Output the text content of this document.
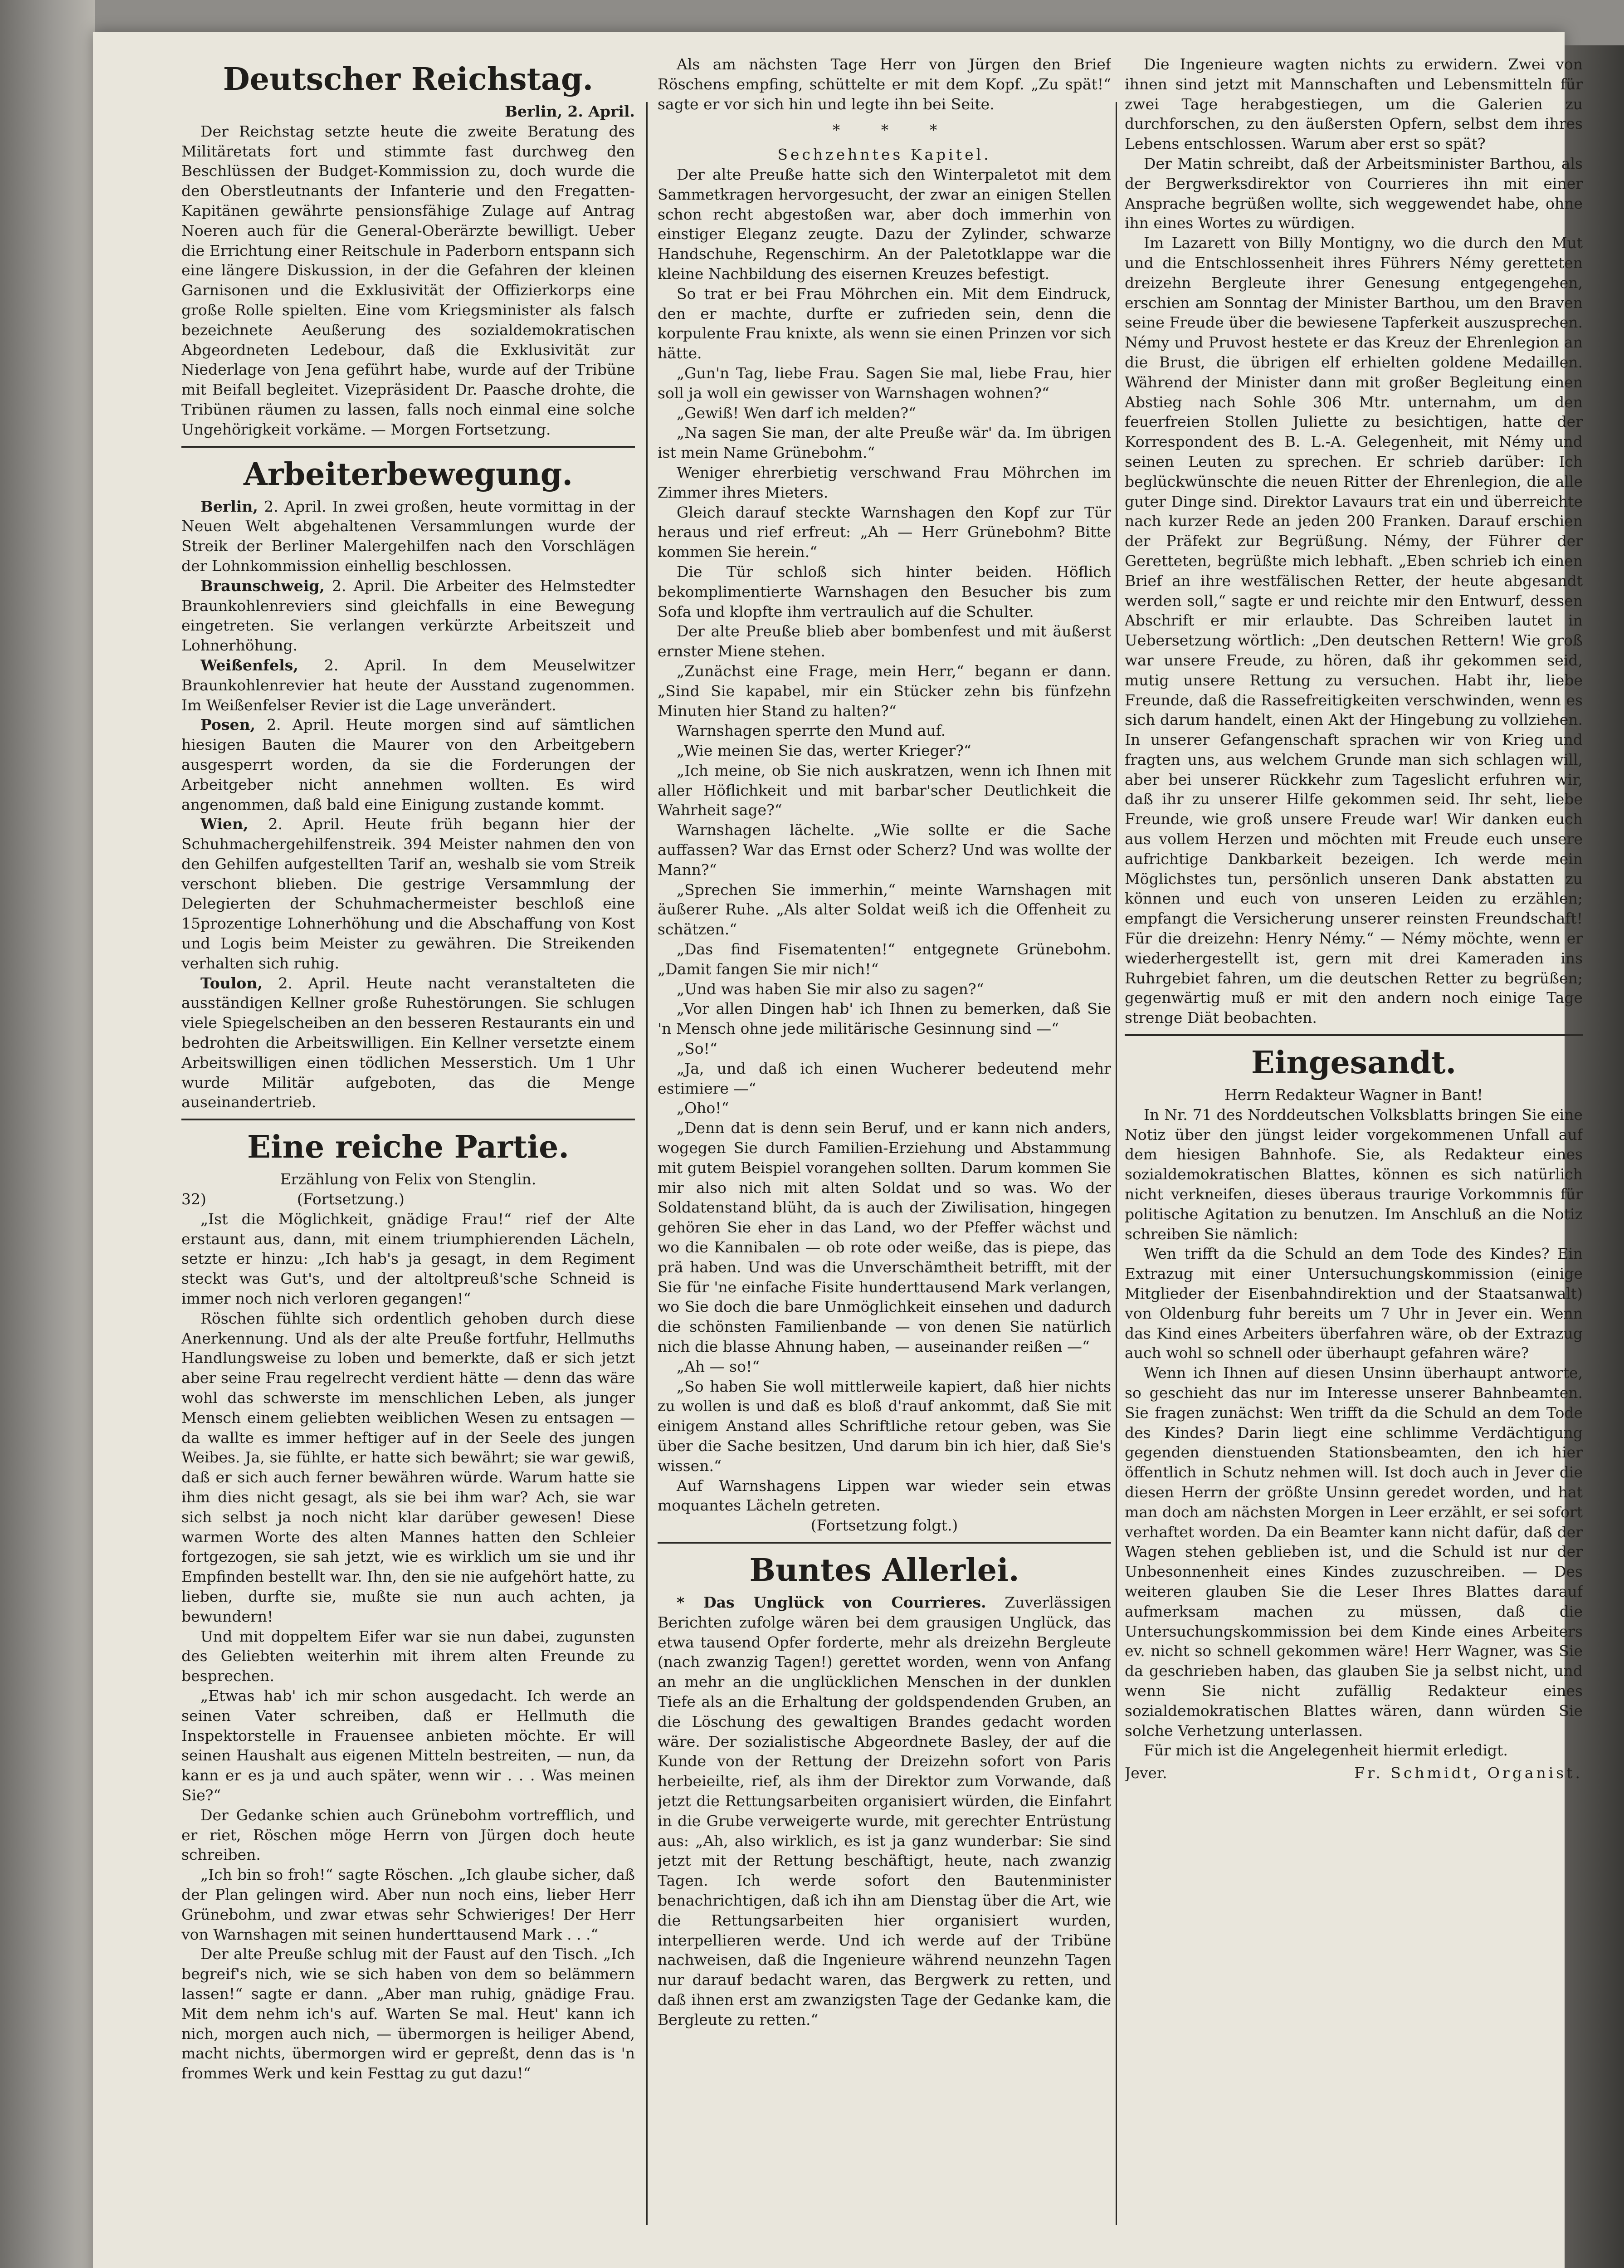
Deutscher Reichstag.

Berlin, 2. April.

Der Reichstag setzte heute die zweite Beratung des Militäretats fort und stimmte fast durchweg den Beschlüssen der Budget-Kommission zu, doch wurde die den Oberstleutnants der Infanterie und den Fregatten-Kapitänen gewährte pensionsfähige Zulage auf Antrag Noeren auch für die General-Oberärzte bewilligt. Ueber die Errichtung einer Reitschule in Paderborn entspann sich eine längere Diskussion, in der die Gefahren der kleinen Garnisonen und die Exklusivität der Offizierkorps eine große Rolle spielten. Eine vom Kriegsminister als falsch bezeichnete Aeußerung des sozialdemokratischen Abgeordneten Ledebour, daß die Exklusivität zur Niederlage von Jena geführt habe, wurde auf der Tribüne mit Beifall begleitet. Vizepräsident Dr. Paasche drohte, die Tribünen räumen zu lassen, falls noch einmal eine solche Ungehörigkeit vorkäme. — Morgen Fortsetzung.

Arbeiterbewegung.

Berlin, 2. April. In zwei großen, heute vormittag in der Neuen Welt abgehaltenen Versammlungen wurde der Streik der Berliner Malergehilfen nach den Vorschlägen der Lohnkommission einhellig beschlossen.

Braunschweig, 2. April. Die Arbeiter des Helmstedter Braunkohlenreviers sind gleichfalls in eine Bewegung eingetreten. Sie verlangen verkürzte Arbeitszeit und Lohnerhöhung.

Weißenfels, 2. April. In dem Meuselwitzer Braunkohlenrevier hat heute der Ausstand zugenommen. Im Weißenfelser Revier ist die Lage unverändert.

Posen, 2. April. Heute morgen sind auf sämtlichen hiesigen Bauten die Maurer von den Arbeitgebern ausgesperrt worden, da sie die Forderungen der Arbeitgeber nicht annehmen wollten. Es wird angenommen, daß bald eine Einigung zustande kommt.

Wien, 2. April. Heute früh begann hier der Schuhmachergehilfenstreik. 394 Meister nahmen den von den Gehilfen aufgestellten Tarif an, weshalb sie vom Streik verschont blieben. Die gestrige Versammlung der Delegierten der Schuhmachermeister beschloß eine 15prozentige Lohnerhöhung und die Abschaffung von Kost und Logis beim Meister zu gewähren. Die Streikenden verhalten sich ruhig.

Toulon, 2. April. Heute nacht veranstalteten die ausständigen Kellner große Ruhestörungen. Sie schlugen viele Spiegelscheiben an den besseren Restaurants ein und bedrohten die Arbeitswilligen. Ein Kellner versetzte einem Arbeitswilligen einen tödlichen Messerstich. Um 1 Uhr wurde Militär aufgeboten, das die Menge auseinandertrieb.

Eine reiche Partie.

Erzählung von Felix von Stenglin.

32)	(Fortsetzung.)

„Ist die Möglichkeit, gnädige Frau!“ rief der Alte erstaunt aus, dann, mit einem triumphierenden Lächeln, setzte er hinzu: „Ich hab's ja gesagt, in dem Regiment steckt was Gut's, und der altoltpreuß'sche Schneid is immer noch nich verloren gegangen!“

Röschen fühlte sich ordentlich gehoben durch diese Anerkennung. Und als der alte Preuße fortfuhr, Hellmuths Handlungsweise zu loben und bemerkte, daß er sich jetzt aber seine Frau regelrecht verdient hätte — denn das wäre wohl das schwerste im menschlichen Leben, als junger Mensch einem geliebten weiblichen Wesen zu entsagen — da wallte es immer heftiger auf in der Seele des jungen Weibes. Ja, sie fühlte, er hatte sich bewährt; sie war gewiß, daß er sich auch ferner bewähren würde. Warum hatte sie ihm dies nicht gesagt, als sie bei ihm war? Ach, sie war sich selbst ja noch nicht klar darüber gewesen! Diese warmen Worte des alten Mannes hatten den Schleier fortgezogen, sie sah jetzt, wie es wirklich um sie und ihr Empfinden bestellt war. Ihn, den sie nie aufgehört hatte, zu lieben, durfte sie, mußte sie nun auch achten, ja bewundern!

Und mit doppeltem Eifer war sie nun dabei, zugunsten des Geliebten weiterhin mit ihrem alten Freunde zu besprechen.

„Etwas hab' ich mir schon ausgedacht. Ich werde an seinen Vater schreiben, daß er Hellmuth die Inspektorstelle in Frauensee anbieten möchte. Er will seinen Haushalt aus eigenen Mitteln bestreiten, — nun, da kann er es ja und auch später, wenn wir . . . Was meinen Sie?“

Der Gedanke schien auch Grünebohm vortrefflich, und er riet, Röschen möge Herrn von Jürgen doch heute schreiben.

„Ich bin so froh!“ sagte Röschen. „Ich glaube sicher, daß der Plan gelingen wird. Aber nun noch eins, lieber Herr Grünebohm, und zwar etwas sehr Schwieriges! Der Herr von Warnshagen mit seinen hunderttausend Mark . . .“

Der alte Preuße schlug mit der Faust auf den Tisch. „Ich begreif's nich, wie se sich haben von dem so belämmern lassen!“ sagte er dann. „Aber man ruhig, gnädige Frau. Mit dem nehm ich's auf. Warten Se mal. Heut' kann ich nich, morgen auch nich, — übermorgen is heiliger Abend, macht nichts, übermorgen wird er gepreßt, denn das is 'n frommes Werk und kein Festtag zu gut dazu!“

Als am nächsten Tage Herr von Jürgen den Brief Röschens empfing, schüttelte er mit dem Kopf. „Zu spät!“ sagte er vor sich hin und legte ihn bei Seite.

* * *

Sechzehntes Kapitel.

Der alte Preuße hatte sich den Winterpaletot mit dem Sammetkragen hervorgesucht, der zwar an einigen Stellen schon recht abgestoßen war, aber doch immerhin von einstiger Eleganz zeugte. Dazu der Zylinder, schwarze Handschuhe, Regenschirm. An der Paletotklappe war die kleine Nachbildung des eisernen Kreuzes befestigt.

So trat er bei Frau Möhrchen ein. Mit dem Eindruck, den er machte, durfte er zufrieden sein, denn die korpulente Frau knixte, als wenn sie einen Prinzen vor sich hätte.

„Gun'n Tag, liebe Frau. Sagen Sie mal, liebe Frau, hier soll ja woll ein gewisser von Warnshagen wohnen?“

„Gewiß! Wen darf ich melden?“

„Na sagen Sie man, der alte Preuße wär' da. Im übrigen ist mein Name Grünebohm.“

Weniger ehrerbietig verschwand Frau Möhrchen im Zimmer ihres Mieters.

Gleich darauf steckte Warnshagen den Kopf zur Tür heraus und rief erfreut: „Ah — Herr Grünebohm? Bitte kommen Sie herein.“

Die Tür schloß sich hinter beiden. Höflich bekomplimentierte Warnshagen den Besucher bis zum Sofa und klopfte ihm vertraulich auf die Schulter.

Der alte Preuße blieb aber bombenfest und mit äußerst ernster Miene stehen.

„Zunächst eine Frage, mein Herr,“ begann er dann. „Sind Sie kapabel, mir ein Stücker zehn bis fünfzehn Minuten hier Stand zu halten?“

Warnshagen sperrte den Mund auf.

„Wie meinen Sie das, werter Krieger?“

„Ich meine, ob Sie nich auskratzen, wenn ich Ihnen mit aller Höflichkeit und mit barbar'scher Deutlichkeit die Wahrheit sage?“

Warnshagen lächelte. „Wie sollte er die Sache auffassen? War das Ernst oder Scherz? Und was wollte der Mann?“

„Sprechen Sie immerhin,“ meinte Warnshagen mit äußerer Ruhe. „Als alter Soldat weiß ich die Offenheit zu schätzen.“

„Das find Fisematenten!“ entgegnete Grünebohm. „Damit fangen Sie mir nich!“

„Und was haben Sie mir also zu sagen?“

„Vor allen Dingen hab' ich Ihnen zu bemerken, daß Sie 'n Mensch ohne jede militärische Gesinnung sind —“

„So!“

„Ja, und daß ich einen Wucherer bedeutend mehr estimiere —“

„Oho!“

„Denn dat is denn sein Beruf, und er kann nich anders, wogegen Sie durch Familien-Erziehung und Abstammung mit gutem Beispiel vorangehen sollten. Darum kommen Sie mir also nich mit alten Soldat und so was. Wo der Soldatenstand blüht, da is auch der Ziwilisation, hingegen gehören Sie eher in das Land, wo der Pfeffer wächst und wo die Kannibalen — ob rote oder weiße, das is piepe, das prä haben. Und was die Unverschämtheit betrifft, mit der Sie für 'ne einfache Fisite hunderttausend Mark verlangen, wo Sie doch die bare Unmöglichkeit einsehen und dadurch die schönsten Familienbande — von denen Sie natürlich nich die blasse Ahnung haben, — auseinander reißen —“

„Ah — so!“

„So haben Sie woll mittlerweile kapiert, daß hier nichts zu wollen is und daß es bloß d'rauf ankommt, daß Sie mit einigem Anstand alles Schriftliche retour geben, was Sie über die Sache besitzen, Und darum bin ich hier, daß Sie's wissen.“

Auf Warnshagens Lippen war wieder sein etwas moquantes Lächeln getreten.

(Fortsetzung folgt.)

Buntes Allerlei.

* Das Unglück von Courrieres. Zuverlässigen Berichten zufolge wären bei dem grausigen Unglück, das etwa tausend Opfer forderte, mehr als dreizehn Bergleute (nach zwanzig Tagen!) gerettet worden, wenn von Anfang an mehr an die unglücklichen Menschen in der dunklen Tiefe als an die Erhaltung der goldspendenden Gruben, an die Löschung des gewaltigen Brandes gedacht worden wäre. Der sozialistische Abgeordnete Basley, der auf die Kunde von der Rettung der Dreizehn sofort von Paris herbeieilte, rief, als ihm der Direktor zum Vorwande, daß jetzt die Rettungsarbeiten organisiert würden, die Einfahrt in die Grube verweigerte wurde, mit gerechter Entrüstung aus: „Ah, also wirklich, es ist ja ganz wunderbar: Sie sind jetzt mit der Rettung beschäftigt, heute, nach zwanzig Tagen. Ich werde sofort den Bautenminister benachrichtigen, daß ich ihn am Dienstag über die Art, wie die Rettungsarbeiten hier organisiert wurden, interpellieren werde. Und ich werde auf der Tribüne nachweisen, daß die Ingenieure während neunzehn Tagen nur darauf bedacht waren, das Bergwerk zu retten, und daß ihnen erst am zwanzigsten Tage der Gedanke kam, die Bergleute zu retten.“

Die Ingenieure wagten nichts zu erwidern. Zwei von ihnen sind jetzt mit Mannschaften und Lebensmitteln für zwei Tage herabgestiegen, um die Galerien zu durchforschen, zu den äußersten Opfern, selbst dem ihres Lebens entschlossen. Warum aber erst so spät?

Der Matin schreibt, daß der Arbeitsminister Barthou, als der Bergwerksdirektor von Courrieres ihn mit einer Ansprache begrüßen wollte, sich weggewendet habe, ohne ihn eines Wortes zu würdigen.

Im Lazarett von Billy Montigny, wo die durch den Mut und die Entschlossenheit ihres Führers Némy geretteten dreizehn Bergleute ihrer Genesung entgegengehen, erschien am Sonntag der Minister Barthou, um den Braven seine Freude über die bewiesene Tapferkeit auszusprechen. Némy und Pruvost hestete er das Kreuz der Ehrenlegion an die Brust, die übrigen elf erhielten goldene Medaillen. Während der Minister dann mit großer Begleitung einen Abstieg nach Sohle 306 Mtr. unternahm, um den feuerfreien Stollen Juliette zu besichtigen, hatte der Korrespondent des B. L.-A. Gelegenheit, mit Némy und seinen Leuten zu sprechen. Er schrieb darüber: Ich beglückwünschte die neuen Ritter der Ehrenlegion, die alle guter Dinge sind. Direktor Lavaurs trat ein und überreichte nach kurzer Rede an jeden 200 Franken. Darauf erschien der Präfekt zur Begrüßung. Némy, der Führer der Geretteten, begrüßte mich lebhaft. „Eben schrieb ich einen Brief an ihre westfälischen Retter, der heute abgesandt werden soll,“ sagte er und reichte mir den Entwurf, dessen Abschrift er mir erlaubte. Das Schreiben lautet in Uebersetzung wörtlich: „Den deutschen Rettern! Wie groß war unsere Freude, zu hören, daß ihr gekommen seid, mutig unsere Rettung zu versuchen. Habt ihr, liebe Freunde, daß die Rassefreitigkeiten verschwinden, wenn es sich darum handelt, einen Akt der Hingebung zu vollziehen. In unserer Gefangenschaft sprachen wir von Krieg und fragten uns, aus welchem Grunde man sich schlagen will, aber bei unserer Rückkehr zum Tageslicht erfuhren wir, daß ihr zu unserer Hilfe gekommen seid. Ihr seht, liebe Freunde, wie groß unsere Freude war! Wir danken euch aus vollem Herzen und möchten mit Freude euch unsere aufrichtige Dankbarkeit bezeigen. Ich werde mein Möglichstes tun, persönlich unseren Dank abstatten zu können und euch von unseren Leiden zu erzählen; empfangt die Versicherung unserer reinsten Freundschaft! Für die dreizehn: Henry Némy.“ — Némy möchte, wenn er wiederhergestellt ist, gern mit drei Kameraden ins Ruhrgebiet fahren, um die deutschen Retter zu begrüßen; gegenwärtig muß er mit den andern noch einige Tage strenge Diät beobachten.

Eingesandt.

Herrn Redakteur Wagner in Bant!

In Nr. 71 des Norddeutschen Volksblatts bringen Sie eine Notiz über den jüngst leider vorgekommenen Unfall auf dem hiesigen Bahnhofe. Sie, als Redakteur eines sozialdemokratischen Blattes, können es sich natürlich nicht verkneifen, dieses überaus traurige Vorkommnis für politische Agitation zu benutzen. Im Anschluß an die Notiz schreiben Sie nämlich:

Wen trifft da die Schuld an dem Tode des Kindes? Ein Extrazug mit einer Untersuchungskommission (einige Mitglieder der Eisenbahndirektion und der Staatsanwalt) von Oldenburg fuhr bereits um 7 Uhr in Jever ein. Wenn das Kind eines Arbeiters überfahren wäre, ob der Extrazug auch wohl so schnell oder überhaupt gefahren wäre?

Wenn ich Ihnen auf diesen Unsinn überhaupt antworte, so geschieht das nur im Interesse unserer Bahnbeamten. Sie fragen zunächst: Wen trifft da die Schuld an dem Tode des Kindes? Darin liegt eine schlimme Verdächtigung gegenden dienstuenden Stationsbeamten, den ich hier öffentlich in Schutz nehmen will. Ist doch auch in Jever die diesen Herrn der größte Unsinn geredet worden, und hat man doch am nächsten Morgen in Leer erzählt, er sei sofort verhaftet worden. Da ein Beamter kann nicht dafür, daß der Wagen stehen geblieben ist, und die Schuld ist nur der Unbesonnenheit eines Kindes zuzuschreiben. — Des weiteren glauben Sie die Leser Ihres Blattes darauf aufmerksam machen zu müssen, daß die Untersuchungskommission bei dem Kinde eines Arbeiters ev. nicht so schnell gekommen wäre! Herr Wagner, was Sie da geschrieben haben, das glauben Sie ja selbst nicht, und wenn Sie nicht zufällig Redakteur eines sozialdemokratischen Blattes wären, dann würden Sie solche Verhetzung unterlassen.

Für mich ist die Angelegenheit hiermit erledigt.

Jever.	Fr. Schmidt, Organist.
